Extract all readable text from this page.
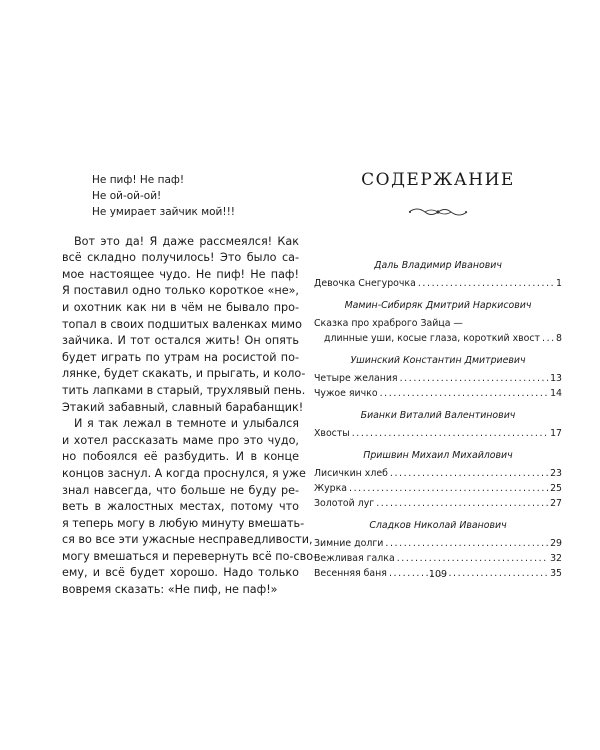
Не пиф! Не паф!
Не ой-ой-ой!
Не умирает зайчик мой!!!

Вот это да! Я даже рассмеялся! Как
всё складно получилось! Это было са-
мое настоящее чудо. Не пиф! Не паф!
Я поставил одно только короткое «не»,
и охотник как ни в чём не бывало про-
топал в своих подшитых валенках мимо
зайчика. И тот остался жить! Он опять
будет играть по утрам на росистой по-
лянке, будет скакать, и прыгать, и колo-
тить лапками в старый, трухлявый пень.
Этакий забавный, славный барабанщик!

И я так лежал в темноте и улыбался
и хотел рассказать маме про это чудо,
но побоялся её разбудить. И в конце
концов заснул. А когда проснулся, я уже
знал навсегда, что больше не буду ре-
веть в жалостных местах, потому что
я теперь могу в любую минуту вмешать-
ся во все эти ужасные несправедливости,
могу вмешаться и перевернуть всё по-сво-
ему, и всё будет хорошо. Надо только
вовремя сказать: «Не пиф, не паф!»

СОДЕРЖАНИЕ
Даль Владимир Иванович
Девочка Снегурочка .....	1
Мамин-Сибиряк Дмитрий Наркисович
Сказка про храброго Зайца —
длинные уши, косые глаза, короткий хвост ..... 8
Ушинский Константин Дмитриевич
Четыре желания .....	13
Чужое яичко .....	14
Бианки Виталий Валентинович
Хвосты .....	17
Пришвин Михаил Михайлович
Лисичкин хлеб .....	23
Журка .....	25
Золотой луг .....	27
Сладков Николай Иванович
Зимние долги .....	29
Вежливая галка .....	32
Весенняя баня .....	35
109
